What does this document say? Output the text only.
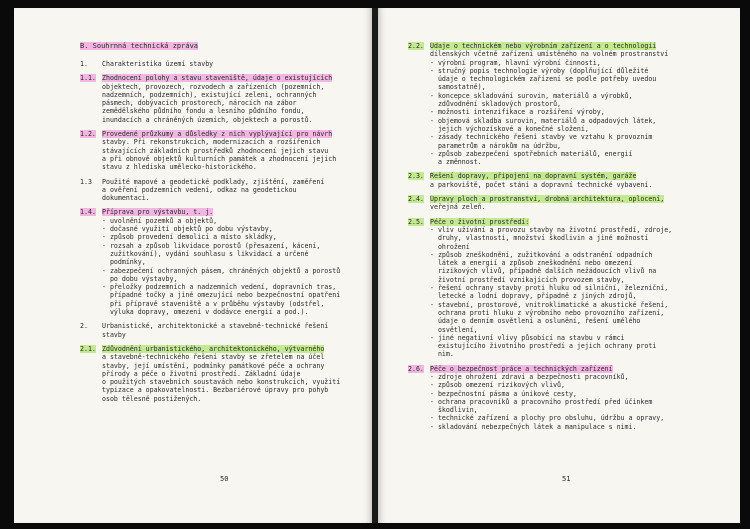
B. Souhrnná technická zpráva
1.	Charakteristika území stavby
1.1. Zhodnocení polohy a stavu staveniště, údaje o existujících
objektech, provozech, rozvodech a zařízeních (pozemních,
nadzemních, podzemních), existující zeleni, ochranných
pásmech, dobývacích prostorech, nárocích na zábor
zemědělského půdního fondu a lesního půdního fondu,
inundacích a chráněných územích, objektech a porostů.
1.2. Provedené průzkumy a důsledky z nich vyplývající pro návrh
stavby. Při rekonstrukcích, modernizacích a rozšířeních
stávajících základních prostředků zhodnocení jejich stavu
a při obnově objektů kulturních památek a zhodnocení jejich
stavu z hlediska umělecko-historického.
1.3	Použité mapové a geodetické podklady, zjištění, zaměření
a ověření podzemních vedení, odkaz na geodetickou
dokumentaci.
1.4. Příprava pro výstavbu, t. j.
- uvolnění pozemků a objektů,
- dočasné využití objektů po dobu výstavby,
- způsob provedení demolicí a místo skládky,
- rozsah a způsob likvidace porostů (přesazení, kácení,
zužitkování), vydání souhlasu s likvidací a určené
podmínky,
- zabezpečení ochranných pásem, chráněných objektů a porostů
po dobu výstavby,
- přeložky podzemních a nadzemních vedení, dopravních tras,
případné točky a jiné omezující nebo bezpečnostní opatření
při přípravě staveniště a v průběhu výstavby (odstřel,
výluka dopravy, omezení v dodávce energií a pod.).
2.	Urbanistické, architektonické a stavebně-technické řešení
stavby
2.1. Zdůvodnění urbanistického, architektonického, výtvarného
a stavebně-technického řešení stavby se zřetelem na účel
stavby, její umístění, podmínky památkové péče a ochrany
přírody a péče o životní prostředí. Základní údaje
o použitých stavebních soustavách nebo konstrukcích, využití
typizace a opakovatelnosti. Bezbariérové úpravy pro pohyb
osob tělesně postižených.
50
2.2. Údaje o technickém nebo výrobním zařízení a o technologii
dílenských včetně zařízení umístěného na volném prostranství
- výrobní program, hlavní výrobní činnosti,
- stručný popis technologie výroby (doplňující důležité
údaje o technologickém zařízení se podle potřeby uvedou
samostatně),
- koncepce skladování surovin, materiálů a výrobků,
zdůvodnění skladových prostorů,
- možnosti intenzifikace a rozšíření výroby,
- objemová skladba surovin, materiálů a odpadových látek,
jejich výchozískové a konečné složení,
- zásady technického řešení stavby ve vztahu k provozním
parametrům a nárokům na údržbu,
- způsob zabezpečení spotřebních materiálů, energií
a změnnost.
2.3. Řešení dopravy, připojení na dopravní systém, garáže
a parkoviště, počet stání a dopravní technické vybavení.
2.4. Úpravy ploch a prostranství, drobná architektura, oplocení,
veřejná zeleň.
2.5. Péče o životní prostředí:
- vliv užívání a provozu stavby na životní prostředí, zdroje,
druhy, vlastnosti, množství škodlivin a jiné možností
ohrožení
- způsob zneškodnění, zužitkování a odstranění odpadních
látek a energií a způsob zneškodnění nebo omezení
rizikových vlivů, případně dalších nežádoucích vlivů na
životní prostředí vznikajících provozem stavby,
- řešení ochrany stavby proti hluku od silniční, železniční,
letecké a lodní dopravy, případně z jiných zdrojů,
- stavební, prostorové, vnitroklimatické a akustické řešení,
ochrana proti hluku z výrobního nebo provozního zařízení,
údaje o denním osvětlení a oslunění, řešení umělého
osvětlení,
- jiné negativní vlivy působící na stavbu v rámci
existujícího životního prostředí a jejich ochrany proti
nim.
2.6. Péče o bezpečnost práce a technických zařízení
- zdroje ohrožení zdraví a bezpečnosti pracovníků,
- způsob omezení rizikových vlivů,
- bezpečnostní pásma a únikové cesty,
- ochrana pracovníků a pracovního prostředí před účinkem
škodlivin,
- technické zařízení a plochy pro obsluhu, údržbu a opravy,
- skladování nebezpečných látek a manipulace s nimi.
51
